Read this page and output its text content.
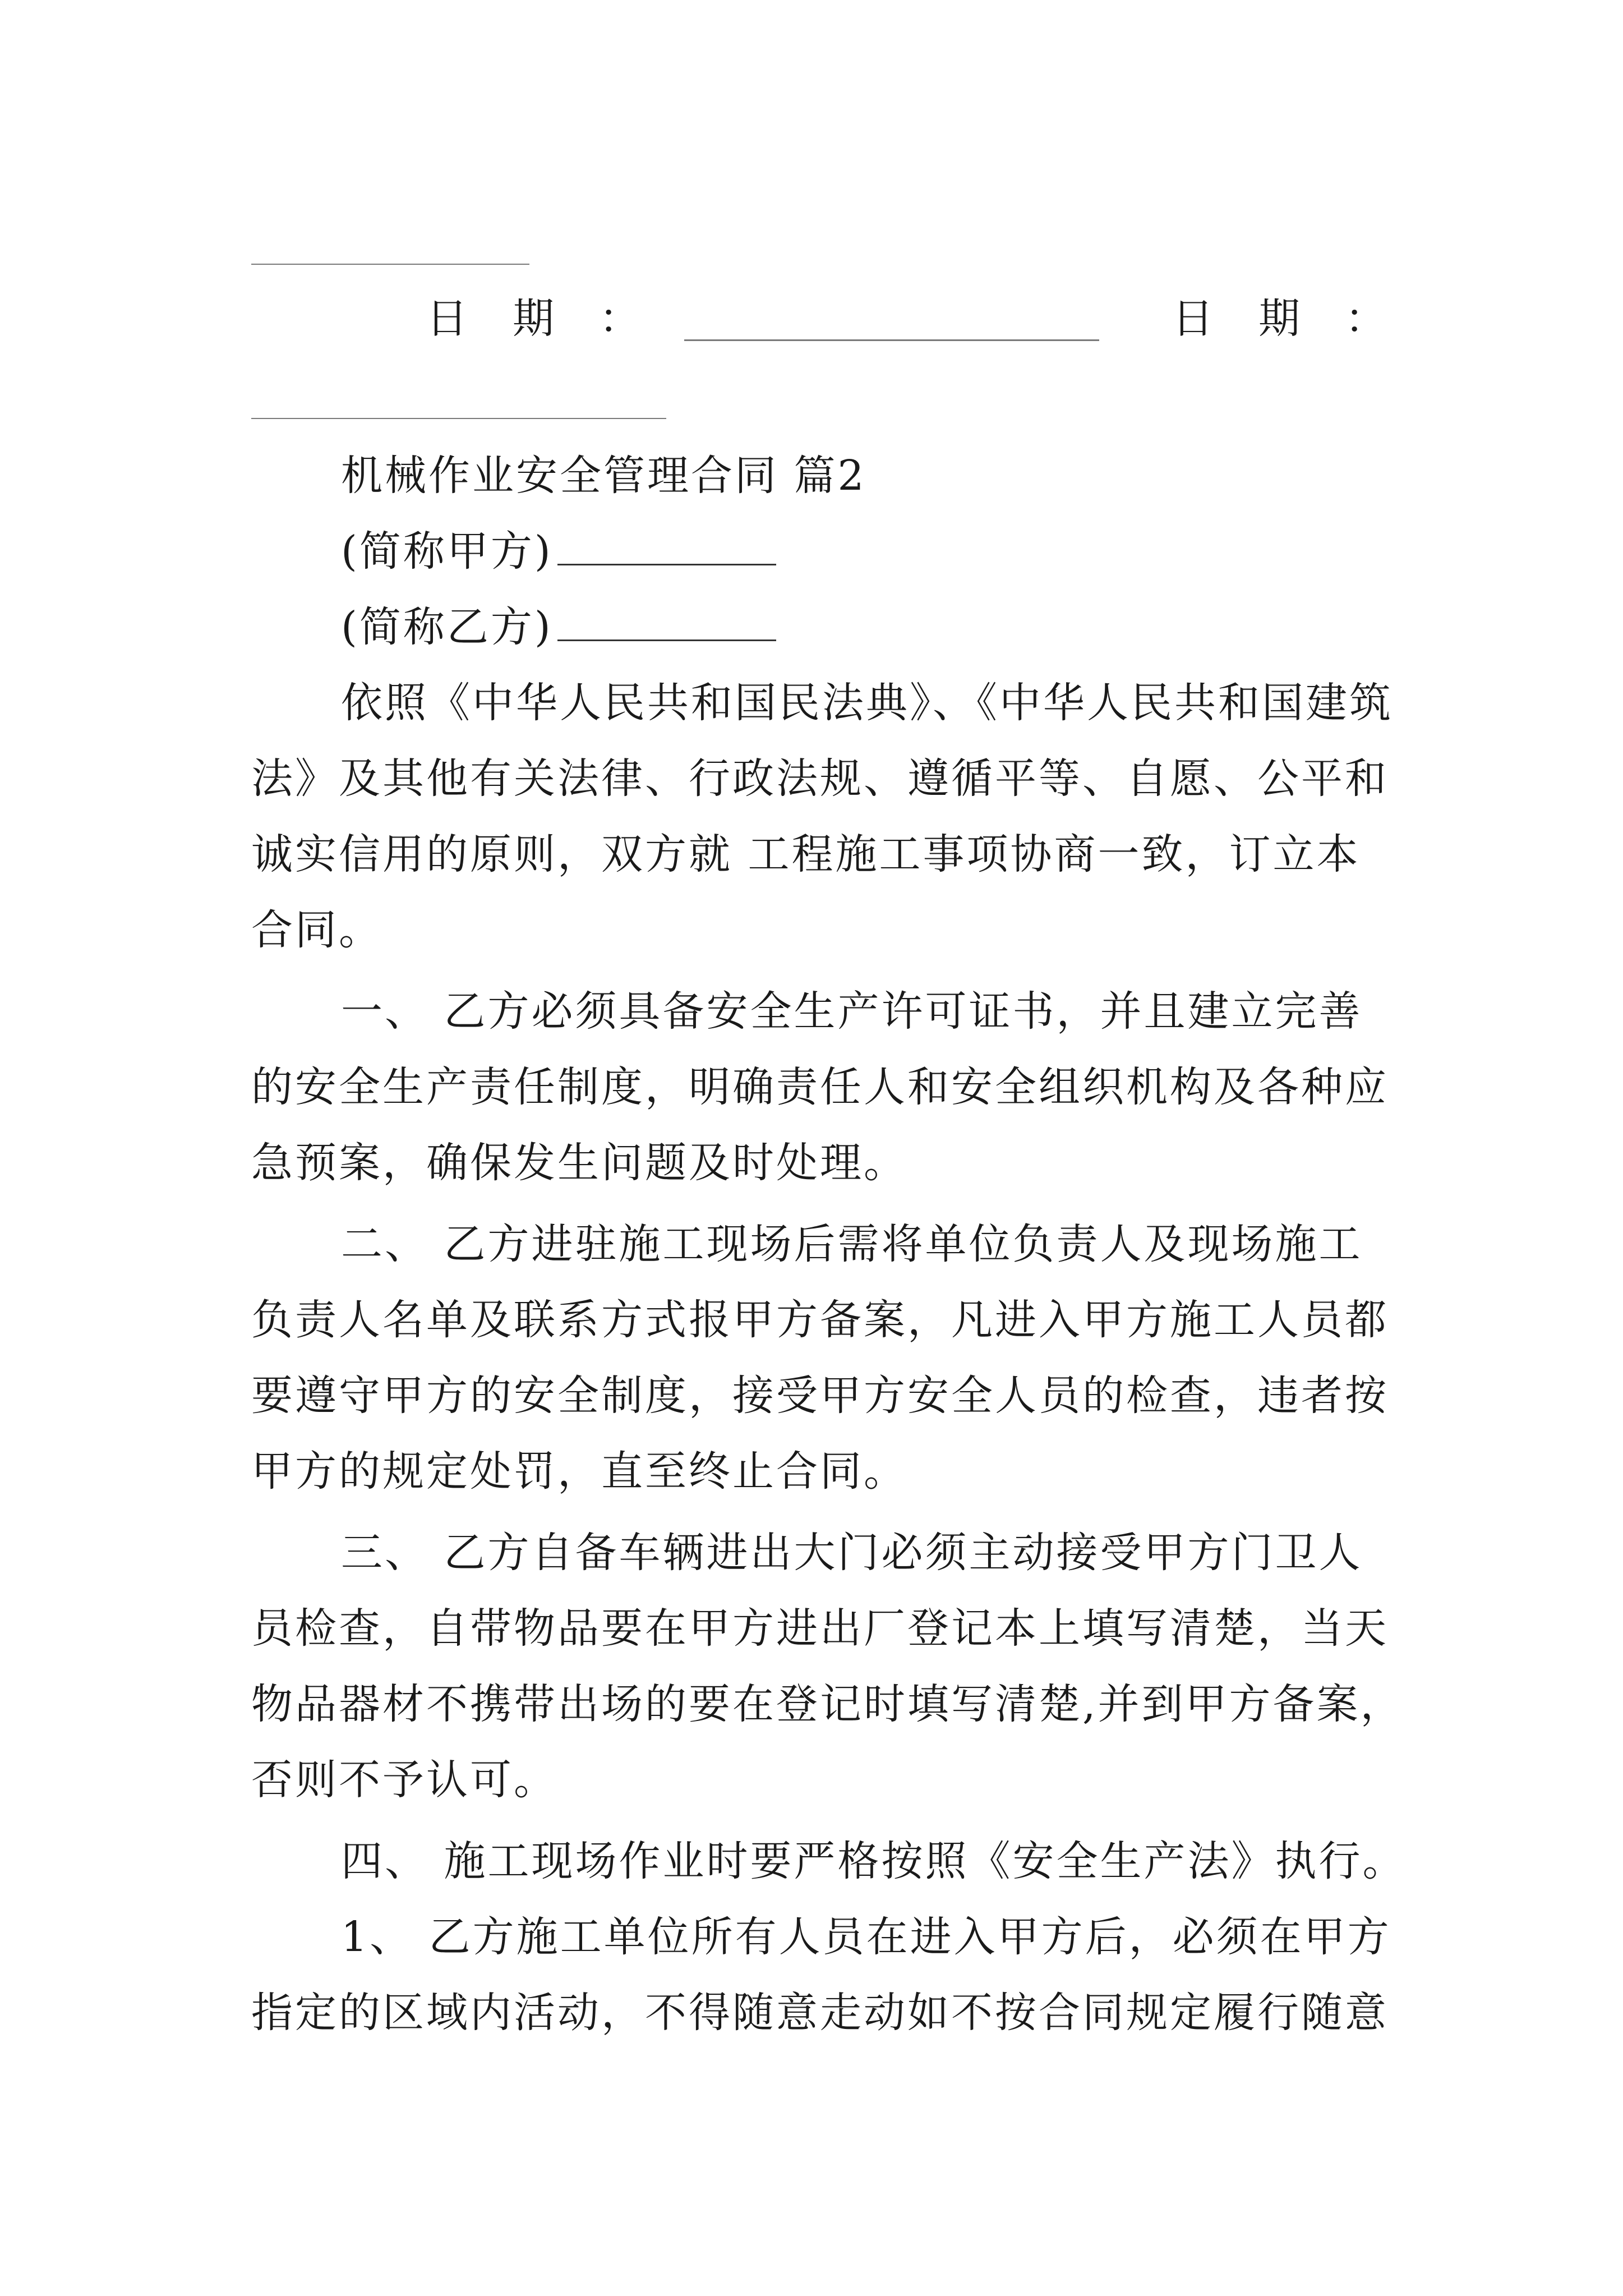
日 期 ：	日 期 ：
机械作业安全管理合同 篇2
(简称甲方)
(简称乙方)
依照《中华人民共和国民法典》、《中华人民共和国建筑
法》及其他有关法律、行政法规、遵循平等、自愿、公平和
诚实信用的原则，双方就 工程施工事项协商一致，订立本
合同。
一、 乙方必须具备安全生产许可证书，并且建立完善
的安全生产责任制度，明确责任人和安全组织机构及各种应
急预案，确保发生问题及时处理。
二、 乙方进驻施工现场后需将单位负责人及现场施工
负责人名单及联系方式报甲方备案，凡进入甲方施工人员都
要遵守甲方的安全制度，接受甲方安全人员的检查，违者按
甲方的规定处罚，直至终止合同。
三、 乙方自备车辆进出大门必须主动接受甲方门卫人
员检查，自带物品要在甲方进出厂登记本上填写清楚，当天
物品器材不携带出场的要在登记时填写清楚,并到甲方备案，
否则不予认可。
四、 施工现场作业时要严格按照《安全生产法》执行。
1、 乙方施工单位所有人员在进入甲方后，必须在甲方
指定的区域内活动，不得随意走动如不按合同规定履行随意
